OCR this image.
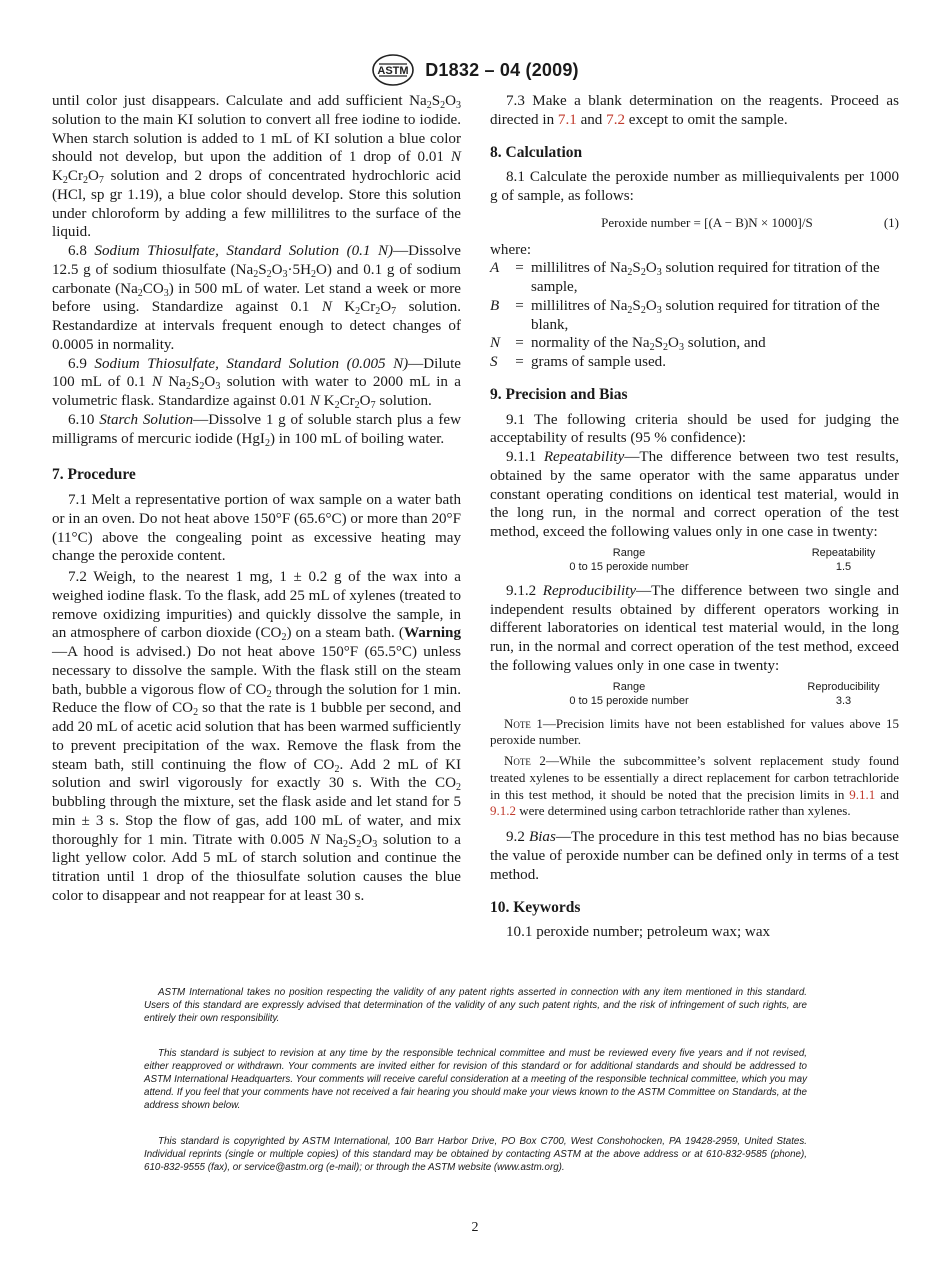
ASTM D1832 – 04 (2009)

until color just disappears. Calculate and add sufficient $Na_2S_2O_3$ solution to the main KI solution to convert all free iodine to iodide. When starch solution is added to 1 mL of KI solution a blue color should not develop, but upon the addition of 1 drop of 0.01 N $K_2Cr_2O_7$ solution and 2 drops of concentrated hydrochloric acid (HCl, sp gr 1.19), a blue color should develop. Store this solution under chloroform by adding a few millilitres to the surface of the liquid.

6.8 Sodium Thiosulfate, Standard Solution (0.1 N)—Dissolve 12.5 g of sodium thiosulfate $(Na_2S_2O_3\cdot 5H_2O)$ and 0.1 g of sodium carbonate $(Na_2CO_3)$ in 500 mL of water. Let stand a week or more before using. Standardize against 0.1 N $K_2Cr_2O_7$ solution. Restandardize at intervals frequent enough to detect changes of 0.0005 in normality.

6.9 Sodium Thiosulfate, Standard Solution (0.005 N)—Dilute 100 mL of 0.1 N $Na_2S_2O_3$ solution with water to 2000 mL in a volumetric flask. Standardize against 0.01 N $K_2Cr_2O_7$ solution.

6.10 Starch Solution—Dissolve 1 g of soluble starch plus a few milligrams of mercuric iodide (HgI$_2$) in 100 mL of boiling water.

7. Procedure

7.1 Melt a representative portion of wax sample on a water bath or in an oven. Do not heat above 150°F (65.6°C) or more than 20°F (11°C) above the congealing point as excessive heating may change the peroxide content.

7.2 Weigh, to the nearest 1 mg, 1 ± 0.2 g of the wax into a weighed iodine flask. To the flask, add 25 mL of xylenes (treated to remove oxidizing impurities) and quickly dissolve the sample, in an atmosphere of carbon dioxide $(CO_2)$ on a steam bath. (Warning—A hood is advised.) Do not heat above 150°F (65.5°C) unless necessary to dissolve the sample. With the flask still on the steam bath, bubble a vigorous flow of $CO_2$ through the solution for 1 min. Reduce the flow of $CO_2$ so that the rate is 1 bubble per second, and add 20 mL of acetic acid solution that has been warmed sufficiently to prevent precipitation of the wax. Remove the flask from the steam bath, still continuing the flow of $CO_2$. Add 2 mL of KI solution and swirl vigorously for exactly 30 s. With the $CO_2$ bubbling through the mixture, set the flask aside and let stand for 5 min ± 3 s. Stop the flow of gas, add 100 mL of water, and mix thoroughly for 1 min. Titrate with 0.005 N $Na_2S_2O_3$ solution to a light yellow color. Add 5 mL of starch solution and continue the titration until 1 drop of the thiosulfate solution causes the blue color to disappear and not reappear for at least 30 s.

7.3 Make a blank determination on the reagents. Proceed as directed in 7.1 and 7.2 except to omit the sample.

8. Calculation

8.1 Calculate the peroxide number as milliequivalents per 1000 g of sample, as follows:

Peroxide number = [(A − B)N × 1000]/S	(1)

where:

A	= millilitres of $Na_2S_2O_3$ solution required for titration of the sample,
B	= millilitres of $Na_2S_2O_3$ solution required for titration of the blank,
N	= normality of the $Na_2S_2O_3$ solution, and
S	= grams of sample used.

9. Precision and Bias

9.1 The following criteria should be used for judging the acceptability of results (95 % confidence):

9.1.1 Repeatability—The difference between two test results, obtained by the same operator with the same apparatus under constant operating conditions on identical test material, would in the long run, in the normal and correct operation of the test method, exceed the following values only in one case in twenty:

Range	Repeatability
0 to 15 peroxide number	1.5

9.1.2 Reproducibility—The difference between two single and independent results obtained by different operators working in different laboratories on identical test material would, in the long run, in the normal and correct operation of the test method, exceed the following values only in one case in twenty:

Range	Reproducibility
0 to 15 peroxide number	3.3

Note 1—Precision limits have not been established for values above 15 peroxide number.

Note 2—While the subcommittee’s solvent replacement study found treated xylenes to be essentially a direct replacement for carbon tetrachloride in this test method, it should be noted that the precision limits in 9.1.1 and 9.1.2 were determined using carbon tetrachloride rather than xylenes.

9.2 Bias—The procedure in this test method has no bias because the value of peroxide number can be defined only in terms of a test method.

10. Keywords

10.1 peroxide number; petroleum wax; wax

ASTM International takes no position respecting the validity of any patent rights asserted in connection with any item mentioned in this standard. Users of this standard are expressly advised that determination of the validity of any such patent rights, and the risk of infringement of such rights, are entirely their own responsibility.

This standard is subject to revision at any time by the responsible technical committee and must be reviewed every five years and if not revised, either reapproved or withdrawn. Your comments are invited either for revision of this standard or for additional standards and should be addressed to ASTM International Headquarters. Your comments will receive careful consideration at a meeting of the responsible technical committee, which you may attend. If you feel that your comments have not received a fair hearing you should make your views known to the ASTM Committee on Standards, at the address shown below.

This standard is copyrighted by ASTM International, 100 Barr Harbor Drive, PO Box C700, West Conshohocken, PA 19428-2959, United States. Individual reprints (single or multiple copies) of this standard may be obtained by contacting ASTM at the above address or at 610-832-9585 (phone), 610-832-9555 (fax), or service@astm.org (e-mail); or through the ASTM website (www.astm.org).

2
